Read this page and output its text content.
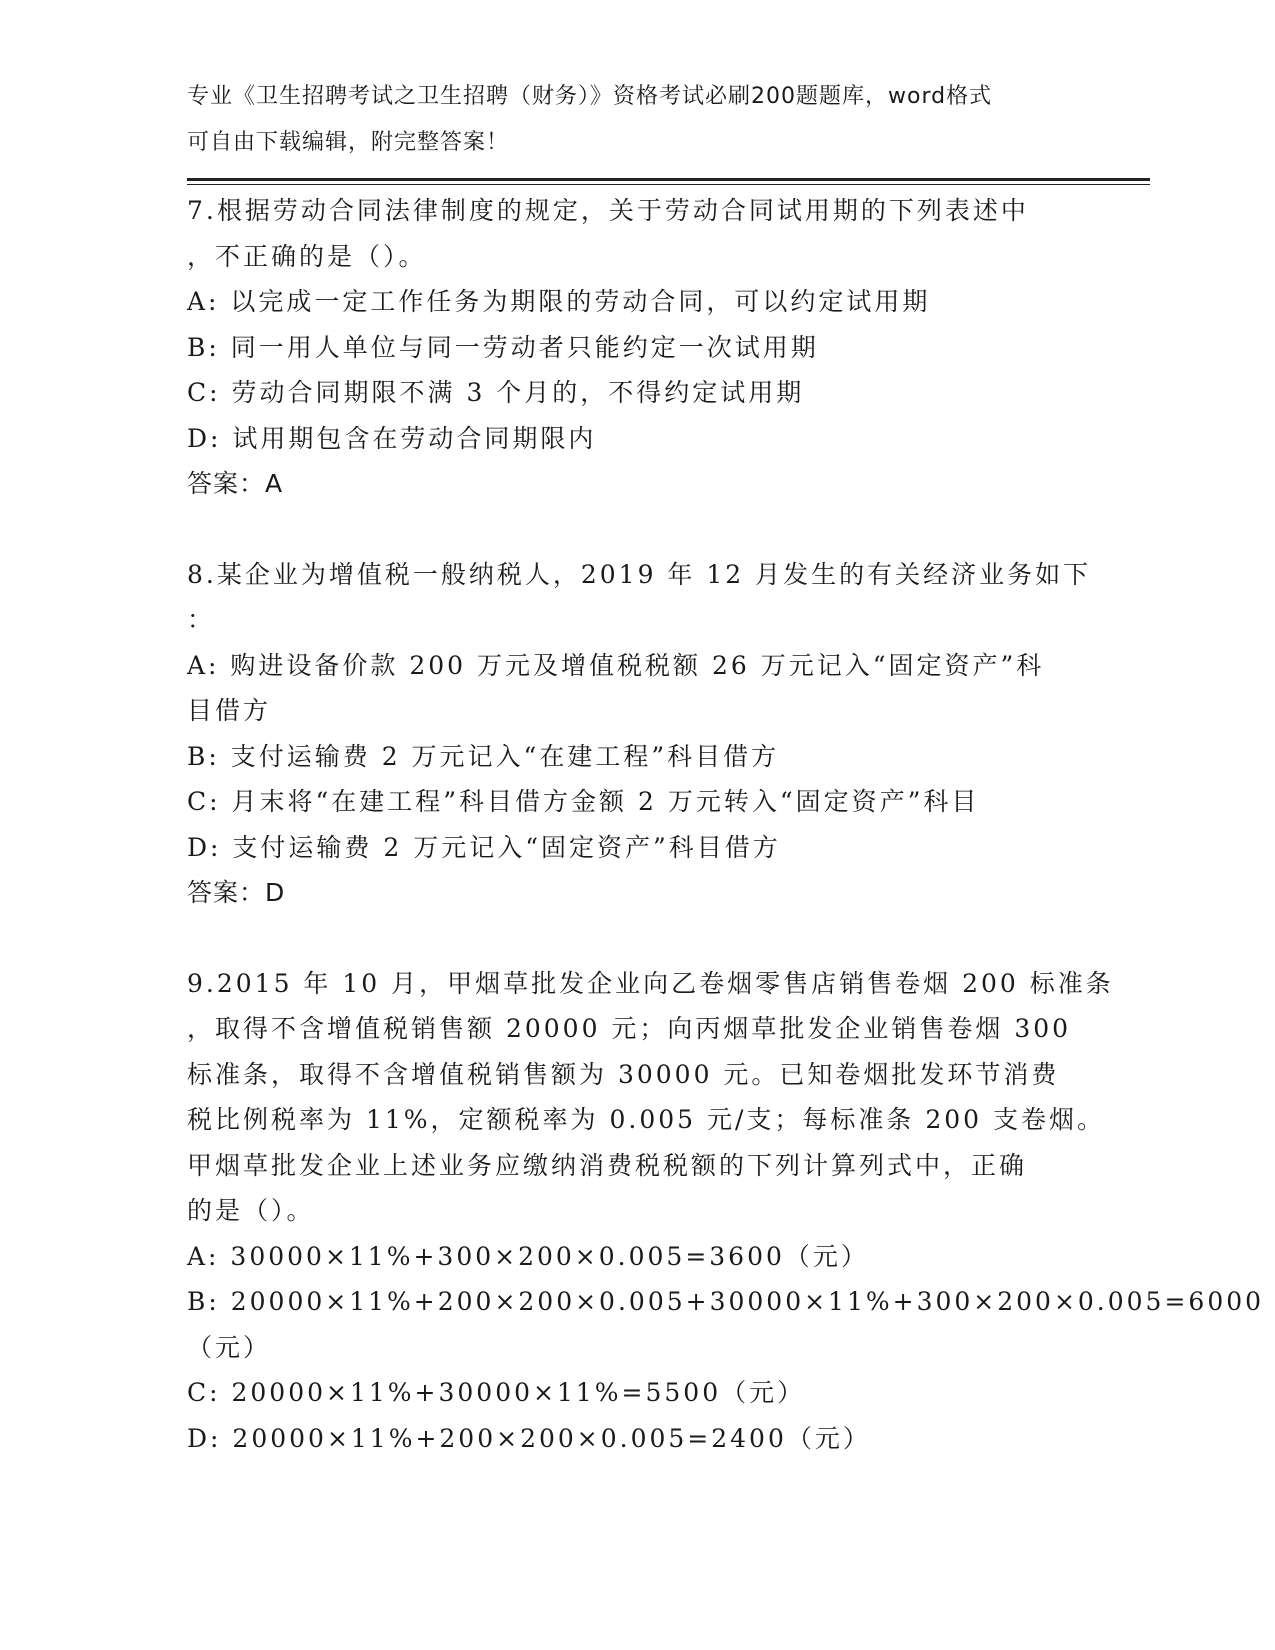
专业《卫生招聘考试之卫生招聘（财务）》资格考试必刷200题题库，word格式
可自由下载编辑，附完整答案！
7.根据劳动合同法律制度的规定，关于劳动合同试用期的下列表述中
，不正确的是（）。
A: 以完成一定工作任务为期限的劳动合同，可以约定试用期
B: 同一用人单位与同一劳动者只能约定一次试用期
C: 劳动合同期限不满 3 个月的，不得约定试用期
D: 试用期包含在劳动合同期限内
答案：A
8.某企业为增值税一般纳税人，2019 年 12 月发生的有关经济业务如下
：
A: 购进设备价款 200 万元及增值税税额 26 万元记入“固定资产”科
目借方
B: 支付运输费 2 万元记入“在建工程”科目借方
C: 月末将“在建工程”科目借方金额 2 万元转入“固定资产”科目
D: 支付运输费 2 万元记入“固定资产”科目借方
答案：D
9.2015 年 10 月，甲烟草批发企业向乙卷烟零售店销售卷烟 200 标准条
，取得不含增值税销售额 20000 元；向丙烟草批发企业销售卷烟 300
标准条，取得不含增值税销售额为 30000 元。已知卷烟批发环节消费
税比例税率为 11%，定额税率为 0.005 元/支；每标准条 200 支卷烟。
甲烟草批发企业上述业务应缴纳消费税税额的下列计算列式中，正确
的是（）。
A: 30000×11%+300×200×0.005=3600（元）
B: 20000×11%+200×200×0.005+30000×11%+300×200×0.005=6000
（元）
C: 20000×11%+30000×11%=5500（元）
D: 20000×11%+200×200×0.005=2400（元）
